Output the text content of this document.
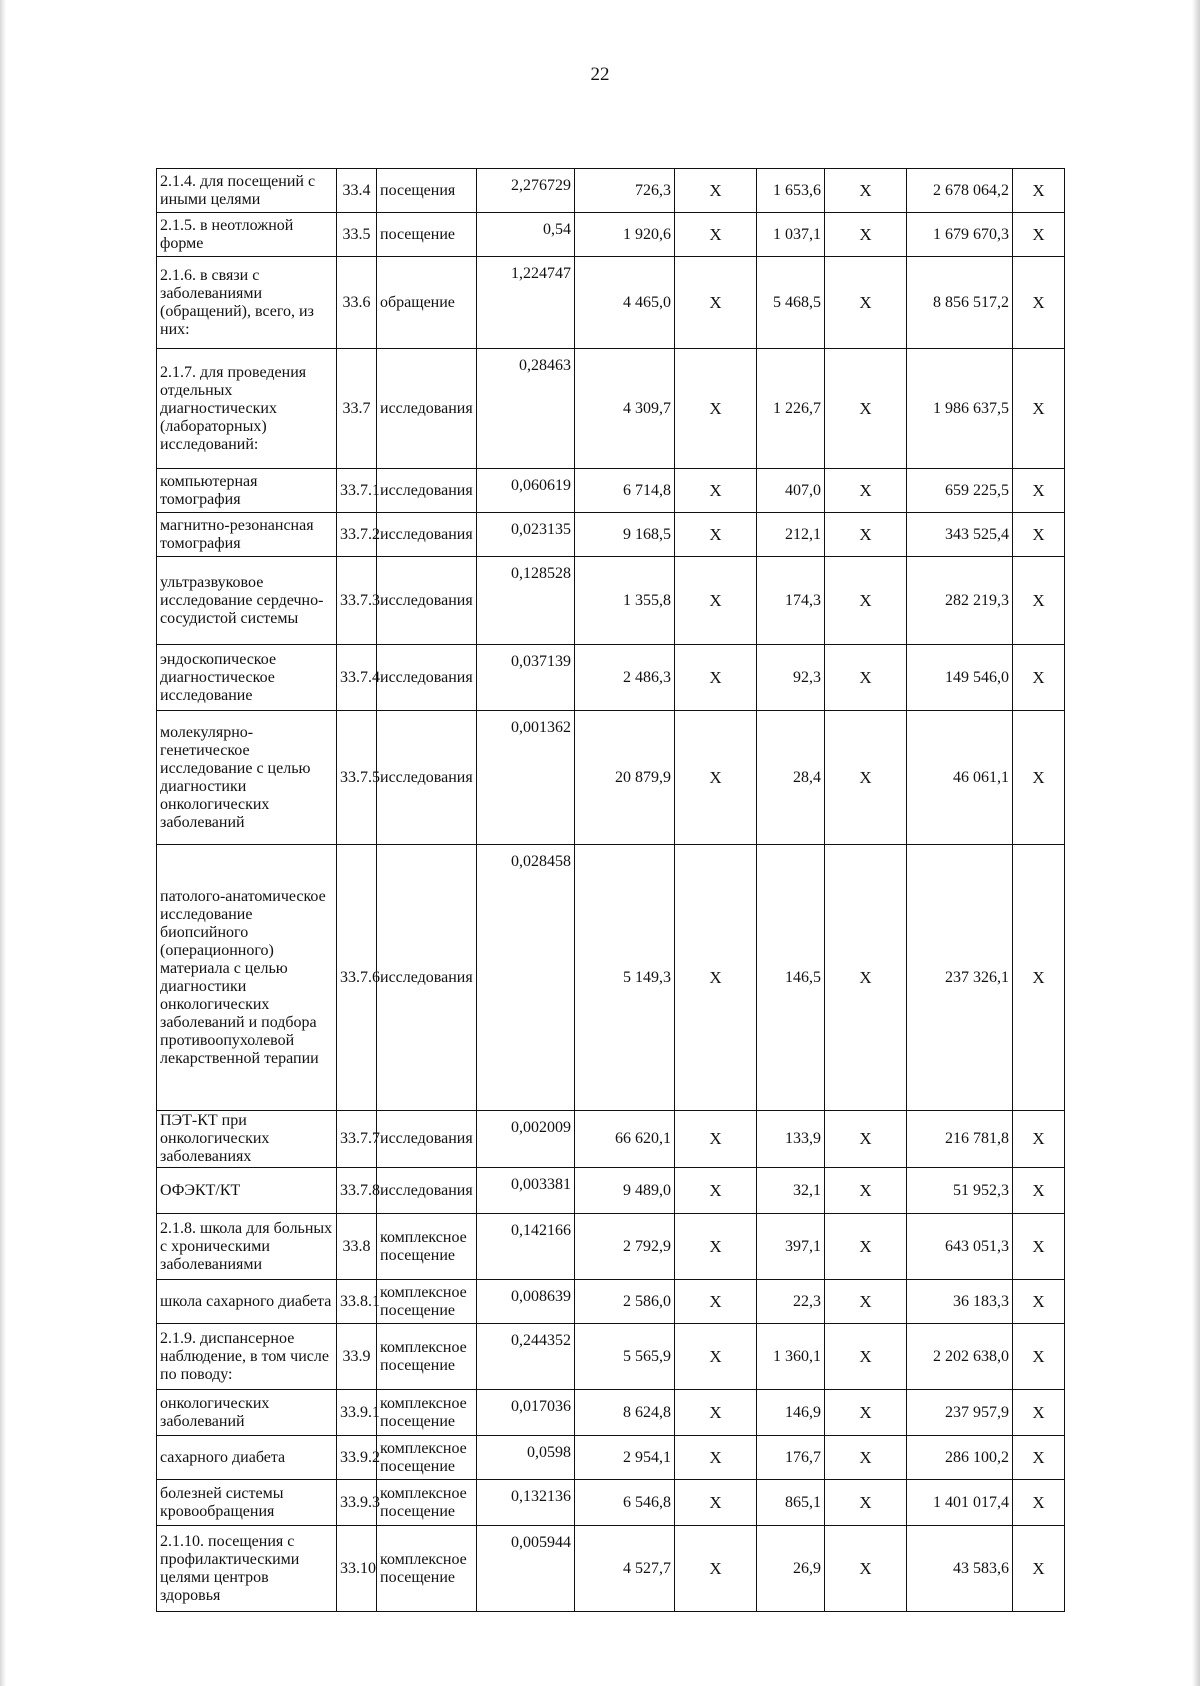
22
2.1.4. для посещений с иными целями	33.4	посещения	2,276729	726,3	X	1 653,6	X	2 678 064,2	X
2.1.5. в неотложной форме	33.5	посещение	0,54	1 920,6	X	1 037,1	X	1 679 670,3	X
2.1.6. в связи с заболеваниями (обращений), всего, из них:	33.6	обращение	1,224747	4 465,0	X	5 468,5	X	8 856 517,2	X
2.1.7. для проведения отдельных диагностических (лабораторных) исследований:	33.7	исследования	0,28463	4 309,7	X	1 226,7	X	1 986 637,5	X
компьютерная томография	33.7.1	исследования	0,060619	6 714,8	X	407,0	X	659 225,5	X
магнитно-резонансная томография	33.7.2	исследования	0,023135	9 168,5	X	212,1	X	343 525,4	X
ультразвуковое исследование сердечно-сосудистой системы	33.7.3	исследования	0,128528	1 355,8	X	174,3	X	282 219,3	X
эндоскопическое диагностическое исследование	33.7.4	исследования	0,037139	2 486,3	X	92,3	X	149 546,0	X
молекулярно-генетическое исследование с целью диагностики онкологических заболеваний	33.7.5	исследования	0,001362	20 879,9	X	28,4	X	46 061,1	X
патолого-анатомическое исследование биопсийного (операционного) материала с целью диагностики онкологических заболеваний и подбора противоопухолевой лекарственной терапии	33.7.6	исследования	0,028458	5 149,3	X	146,5	X	237 326,1	X
ПЭТ-КТ при онкологических заболеваниях	33.7.7	исследования	0,002009	66 620,1	X	133,9	X	216 781,8	X
ОФЭКТ/КТ	33.7.8	исследования	0,003381	9 489,0	X	32,1	X	51 952,3	X
2.1.8. школа для больных с хроническими заболеваниями	33.8	комплексное посещение	0,142166	2 792,9	X	397,1	X	643 051,3	X
школа сахарного диабета	33.8.1	комплексное посещение	0,008639	2 586,0	X	22,3	X	36 183,3	X
2.1.9. диспансерное наблюдение, в том числе по поводу:	33.9	комплексное посещение	0,244352	5 565,9	X	1 360,1	X	2 202 638,0	X
онкологических заболеваний	33.9.1	комплексное посещение	0,017036	8 624,8	X	146,9	X	237 957,9	X
сахарного диабета	33.9.2	комплексное посещение	0,0598	2 954,1	X	176,7	X	286 100,2	X
болезней системы кровообращения	33.9.3	комплексное посещение	0,132136	6 546,8	X	865,1	X	1 401 017,4	X
2.1.10. посещения с профилактическими целями центров здоровья	33.10	комплексное посещение	0,005944	4 527,7	X	26,9	X	43 583,6	X
